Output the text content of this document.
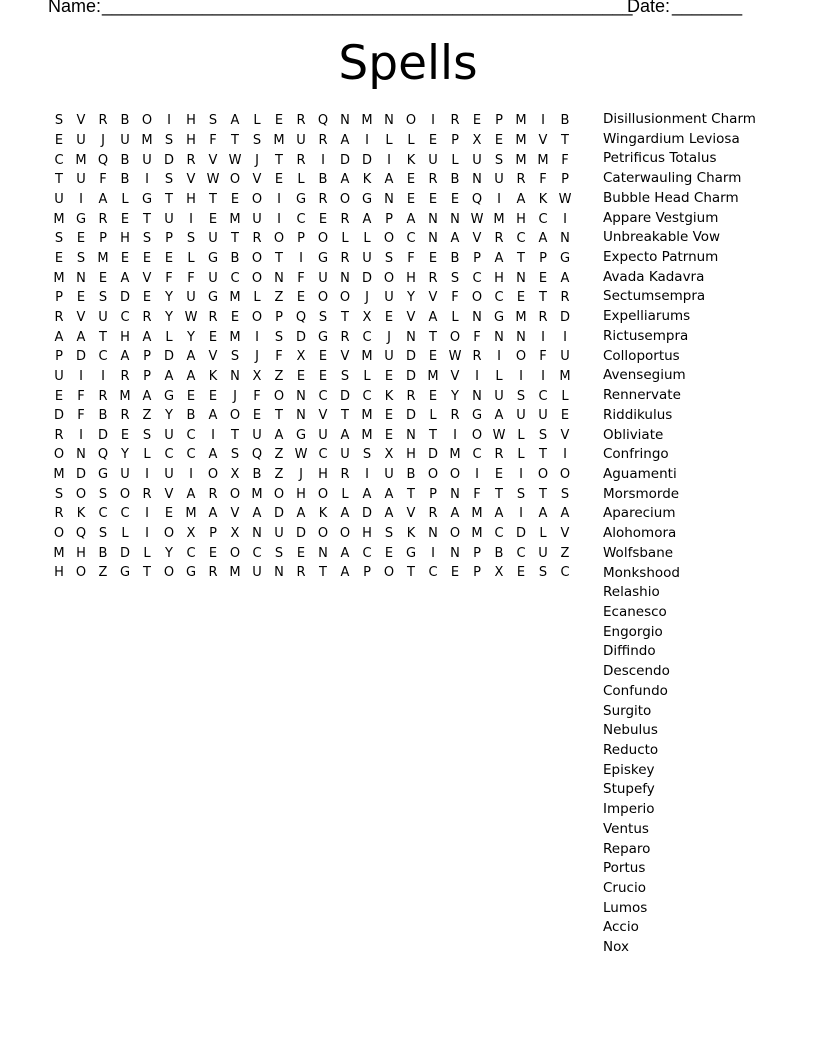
Name: _____________________________________________________
Date: _______
Spells
S	V	R	B O	I	H S	A	L	E	R Q N M N O	I	R	E	P M	I	B
E	U	J	U M S H	F	T	S M U R	A	I	L	L	E	P	X	E M V	T
C M Q B U D R	V W	J	T	R	I	D D	I	K U	L	U	S M M F
T	U	F	B	I	S	V W O V	E	L	B	A	K	A	E	R	B N U R	F	P
U	I	A	L	G T	H	T	E O	I	G R O G N	E	E	E Q	I	A	K W
M G R	E	T	U	I	E M U	I	C	E	R	A	P	A N N W M H C	I
S	E	P	H S	P	S	U	T	R O P O	L	L	O C N A	V	R C	A N
E	S M E	E	E	L	G B O T	I	G R U	S	F	E	B	P	A	T	P	G
M N	E	A	V	F	F	U C O N	F	U N D O H R	S	C H N	E	A
P	E	S D E	Y	U G M L	Z	E O O	J	U	Y	V	F	O C	E	T	R
R	V U C R	Y W R	E O P Q S	T	X	E	V	A	L	N G M R D
A	A	T	H A	L	Y	E M	I	S D G R C	J	N	T O	F	N N	I	I
P	D C	A	P	D A	V	S	J	F	X	E	V M U D E W R	I	O	F	U
U	I	I	R	P	A	A	K N X	Z	E	E	S	L	E D M V	I	L	I	I	M
E	F	R M A G E	E	J	F	O N C D C	K	R	E	Y	N U	S	C	L
D	F	B	R	Z	Y	B	A O E	T	N V	T M E D	L	R G A U U	E
R	I	D E	S	U C	I	T	U A G U A M E	N	T	I	O W L	S	V
O N Q Y	L	C C	A	S Q Z W C U	S	X H D M C R	L	T	I
M D G U	I	U	I	O X	B	Z	J	H R	I	U B O O	I	E	I	O O
S O S O R	V	A	R O M O H O	L	A	A	T	P	N	F	T	S	T	S
R	K	C C	I	E M A	V	A D A	K	A D A	V	R	A M A	I	A	A
O Q S	L	I	O X	P	X N U D O O H S	K N O M C D	L	V
M H B D	L	Y	C	E O C	S	E	N A	C	E G	I	N	P	B	C U Z
H O Z G T O G R M U N R	T	A	P O T	C	E	P	X	E	S	C
Disillusionment Charm
Wingardium Leviosa
Petrificus Totalus
Caterwauling Charm
Bubble Head Charm
Appare Vestgium
Unbreakable Vow
Expecto Patrnum
Avada Kadavra
Sectumsempra
Expelliarums
Rictusempra
Colloportus
Avensegium
Rennervate
Riddikulus
Obliviate
Confringo
Aguamenti
Morsmorde
Aparecium
Alohomora
Wolfsbane
Monkshood
Relashio
Ecanesco
Engorgio
Diffindo
Descendo
Confundo
Surgito
Nebulus
Reducto
Episkey
Stupefy
Imperio
Ventus
Reparo
Portus
Crucio
Lumos
Accio
Nox
